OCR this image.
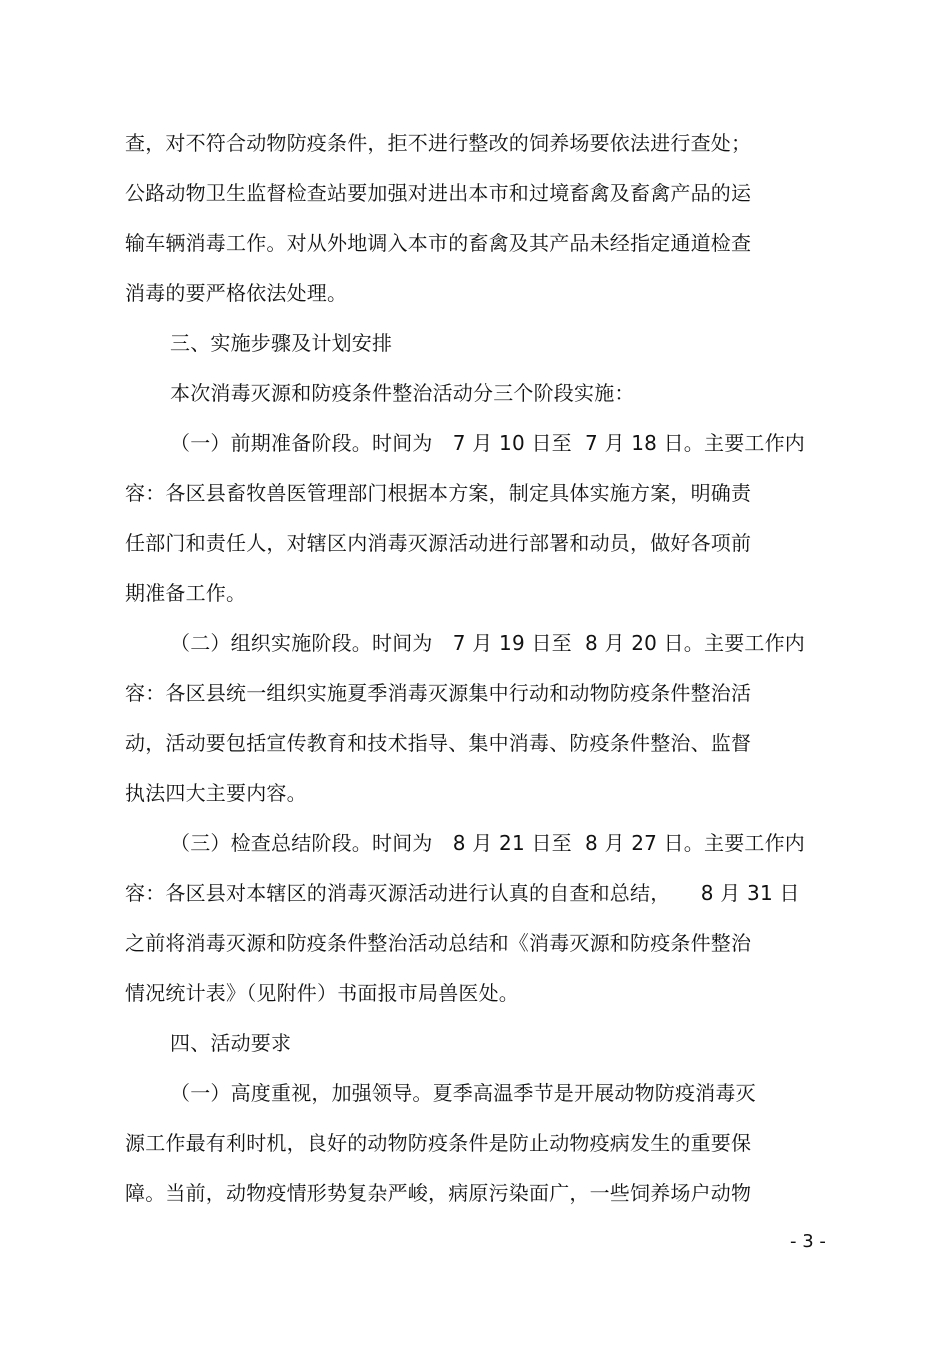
查，对不符合动物防疫条件，拒不进行整改的饲养场要依法进行查处；
公路动物卫生监督检查站要加强对进出本市和过境畜禽及畜禽产品的运
输车辆消毒工作。对从外地调入本市的畜禽及其产品未经指定通道检查
消毒的要严格依法处理。
三、实施步骤及计划安排
本次消毒灭源和防疫条件整治活动分三个阶段实施：
（一）前期准备阶段。时间为　7 月 10 日至  7 月 18 日。主要工作内
容：各区县畜牧兽医管理部门根据本方案，制定具体实施方案，明确责
任部门和责任人，对辖区内消毒灭源活动进行部署和动员，做好各项前
期准备工作。
（二）组织实施阶段。时间为　7 月 19 日至  8 月 20 日。主要工作内
容：各区县统一组织实施夏季消毒灭源集中行动和动物防疫条件整治活
动，活动要包括宣传教育和技术指导、集中消毒、防疫条件整治、监督
执法四大主要内容。
（三）检查总结阶段。时间为　8 月 21 日至  8 月 27 日。主要工作内
容：各区县对本辖区的消毒灭源活动进行认真的自查和总结，　　8 月 31 日
之前将消毒灭源和防疫条件整治活动总结和《消毒灭源和防疫条件整治
情况统计表》（见附件）书面报市局兽医处。
四、活动要求
（一）高度重视，加强领导。夏季高温季节是开展动物防疫消毒灭
源工作最有利时机，良好的动物防疫条件是防止动物疫病发生的重要保
障。当前，动物疫情形势复杂严峻，病原污染面广，一些饲养场户动物
- 3 -
